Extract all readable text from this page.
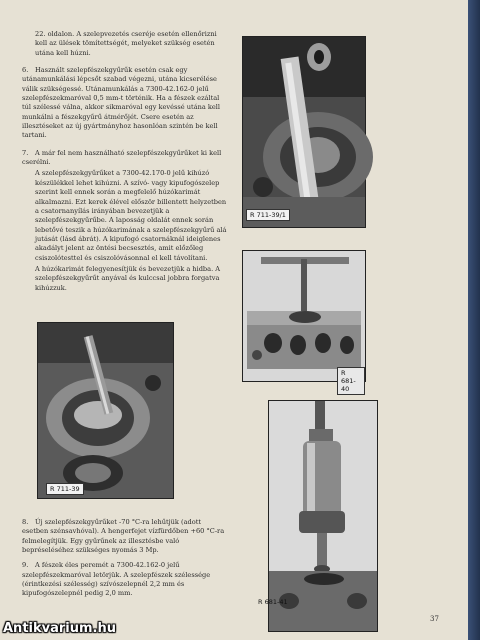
22. oldalon. A szelepvezetés cseréje esetén ellenőrizni kell az ülések tömítettségét, melyeket szükség esetén utána kell húzni.

6. Használt szelepfészekgyűrűk esetén csak egy utánamunkálási lépcsőt szabad végezni, utána kicserélése válik szükségessé. Utánamunkálás a 7300-42.162-0 jelű szelepfészekmaróval 0,5 mm-t történik. Ha a fészek ezáltal túl szélessé válna, akkor sikmaróval egy kevéssé utána kell munkálni a fészekgyűrű átmérőjét. Csere esetén az illesztéseket az új gyártmányhoz hasonlóan szintén be kell tartani.

7. A már fel nem használható szelepfészekgyűrűket ki kell cserélni.

A szelepfészekgyűrűket a 7300-42.170-0 jelű kihúzó készülékkel lehet kihúzni. A szívó- vagy kipufogószelep szerint kell ennek során a megfelelő húzókarimát alkalmazni. Ezt kerek élével először billentett helyzetben a csatornanyílás irányában bevezetjük a szelepfészekgyűrűbe. A laposság oldalát ennek során lebetővé teszik a húzókarimának a szelepfészekgyűrű alá jutását (lásd ábrát). A kipufogó csatornáknál ideiglenes akadályt jelent az öntési becsesztés, amit előzőleg csiszolótesttel és csiszolóvásonnal el kell távolítani.

A húzókarimát felegyenesítjük és bevezetjük a hidba. A szelepfészekgyűrűt anyával és kulccsal jobbra forgatva kihúzzuk.

8. Új szelepfészekgyűrűket -70 °C-ra lehűtjük (adott esetben szénsavhóval). A hengerfejet vízfürdőben +60 °C-ra felmelegítjük. Egy gyűrűnek az illesztésbe való bepréseléséhez szükséges nyomás 3 Mp.

9. A fészek éles peremét a 7300-42.162-0 jelű szelepfészekmaróval letörjük. A szelepfészek szélessége (érintkezési szélesség) szívószelepnél 2,2 mm és kipufogószelepnél pedig 2,0 mm.

R 711-39/1
R 681-40
R 711-39
R 681-41
37
Antikvarium.hu
